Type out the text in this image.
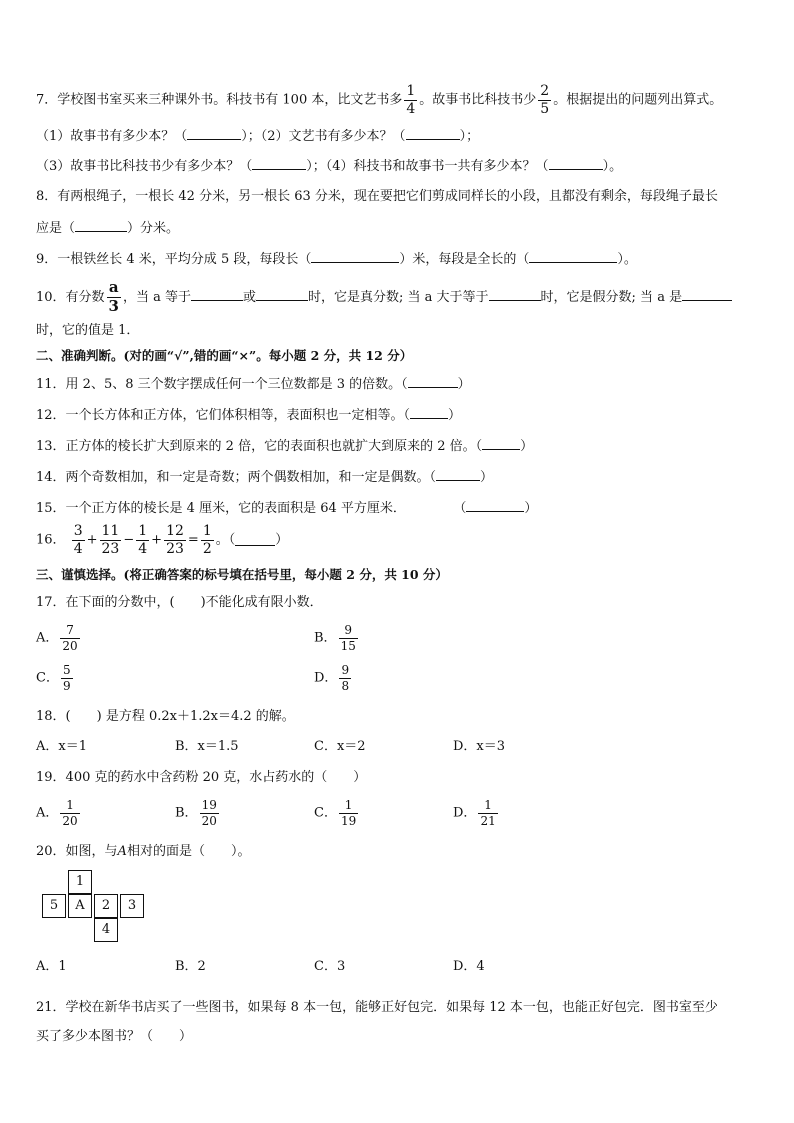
7．学校图书室买来三种课外书。科技书有 100 本，比文艺书多 $\frac{1}{4}$ 。故事书比科技书少 $\frac{2}{5}$ 。根据提出的问题列出算式。
（1）故事书有多少本？（	）；（2）文艺书有多少本？（	）；
（3）故事书比科技书少有多少本？（	）；（4）科技书和故事书一共有多少本？（	）。
8．有两根绳子，一根长 42 分米，另一根长 63 分米，现在要把它们剪成同样长的小段，且都没有剩余，每段绳子最长
应是（	）分米。
9．一根铁丝长 4 米，平均分成 5 段，每段长（	）米，每段是全长的（	）。
10．有分数 $\frac{a}{3}$ ，当 a 等于	或	时，它是真分数; 当 a 大于等于	时，它是假分数; 当 a 是
时，它的值是 1．
二、准确判断。(对的画“√”,错的画“×”。每小题 2 分，共 12 分）
11．用 2、5、8 三个数字摆成任何一个三位数都是 3 的倍数。（	）
12．一个长方体和正方体，它们体积相等，表面积也一定相等。（	）
13．正方体的棱长扩大到原来的 2 倍，它的表面积也就扩大到原来的 2 倍。（	）
14．两个奇数相加，和一定是奇数；两个偶数相加，和一定是偶数。（	）
15．一个正方体的棱长是 4 厘米，它的表面积是 64 平方厘米．	（	）
16． $\frac{3}{4} + \frac{11}{23} - \frac{1}{4} + \frac{12}{23} = \frac{1}{2}$ 。（	）
三、谨慎选择。(将正确答案的标号填在括号里，每小题 2 分，共 10 分）
17．在下面的分数中，(　　)不能化成有限小数．
A． $\frac{7}{20}$	B． $\frac{9}{15}$
C． $\frac{5}{9}$	D． $\frac{9}{8}$
18．(　　) 是方程 0.2x＋1.2x＝4.2 的解。
A．x＝1	B．x＝1.5	C．x＝2	D．x＝3
19．400 克的药水中含药粉 20 克，水占药水的（　　）
A． $\frac{1}{20}$	B． $\frac{19}{20}$	C． $\frac{1}{19}$	D． $\frac{1}{21}$
20．如图，与A相对的面是（　　）。
1
5	A	2	3
4
A．1	B．2	C．3	D．4
21．学校在新华书店买了一些图书，如果每 8 本一包，能够正好包完．如果每 12 本一包，也能正好包完．图书室至少
买了多少本图书？（　　）
